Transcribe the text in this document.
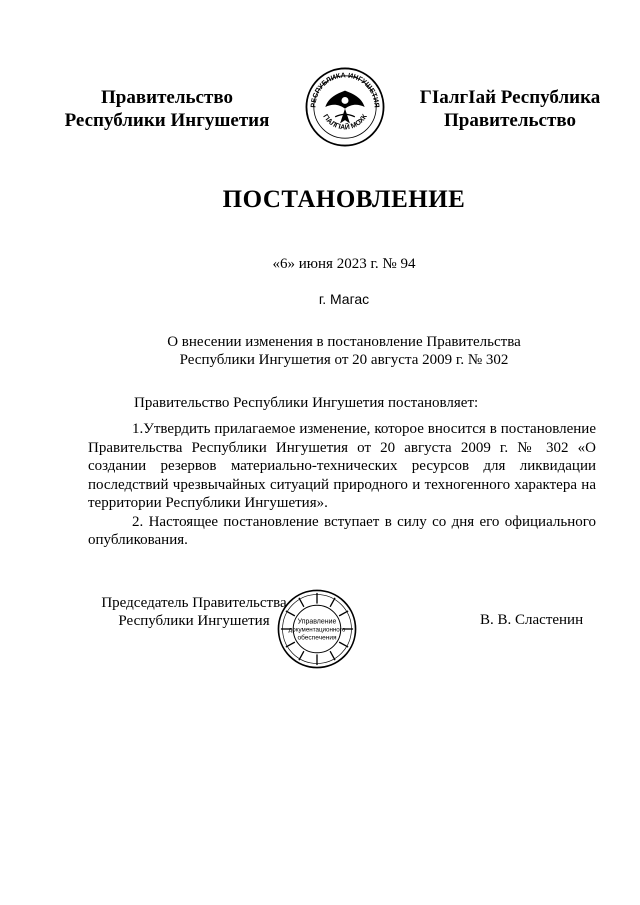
Правительство
Республики Ингушетия
РЕСПУБЛИКА ИНГУШЕТИЯ
ГӀАЛГӀАЙ МОХК
ГӀалгӀай Республика
Правительство
ПОСТАНОВЛЕНИЕ
«6» июня 2023 г. № 94
г. Магас
О внесении изменения в постановление Правительства
Республики Ингушетия от 20 августа 2009 г. № 302
Правительство Республики Ингушетия постановляет:

1.Утвердить прилагаемое изменение, которое вносится в постановление Правительства Республики Ингушетия от 20 августа 2009 г. № 302 «О создании резервов материально-технических ресурсов для ликвидации последствий чрезвычайных ситуаций природного и техногенного характера на территории Республики Ингушетия».

2. Настоящее постановление вступает в силу со дня его официального опубликования.

Председатель Правительства
Республики Ингушетия	Управление
документационного
обеспечения
В. В. Сластенин
